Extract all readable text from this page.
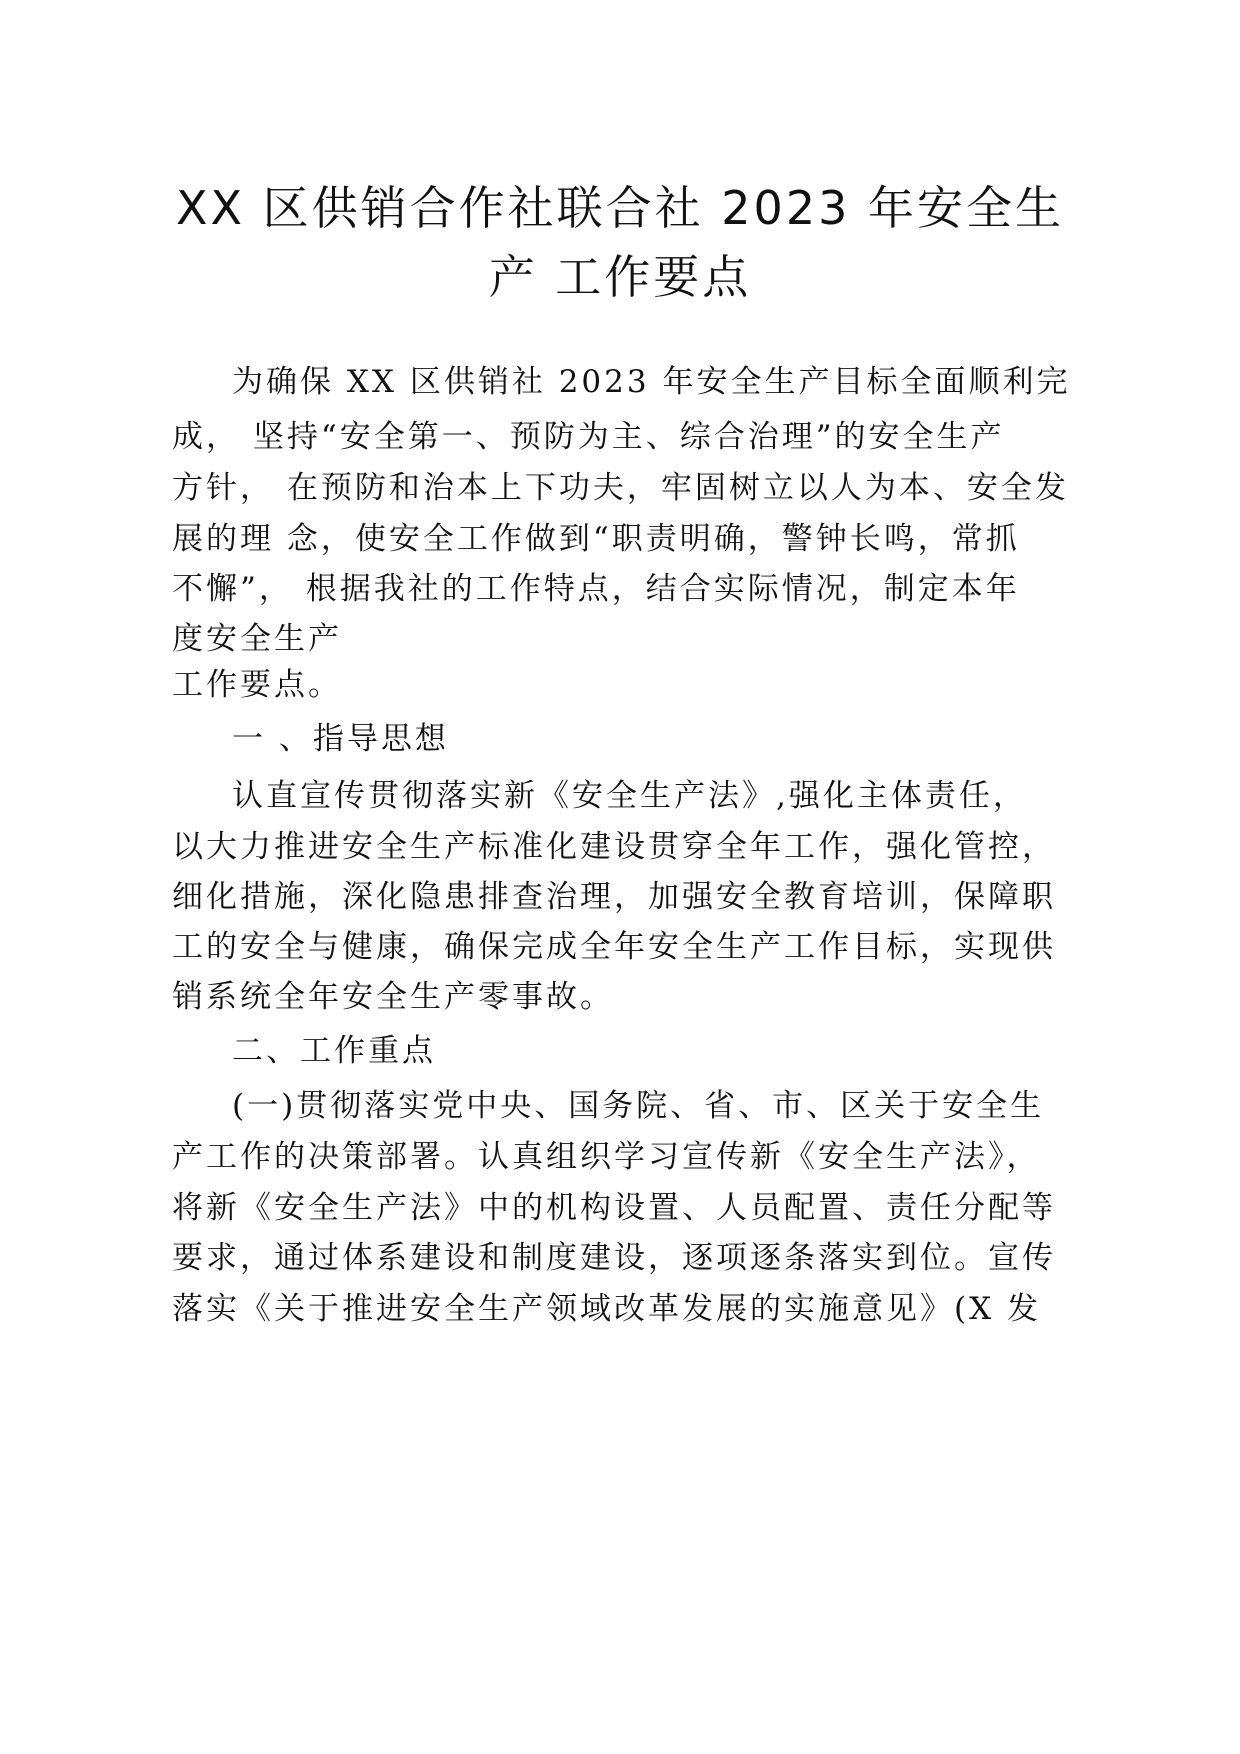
XX 区供销合作社联合社 2023 年安全生
产 工作要点
为确保 XX 区供销社 2023 年安全生产目标全面顺利完
成， 坚持“安全第一、预防为主、综合治理”的安全生产
方针， 在预防和治本上下功夫，牢固树立以人为本、安全发
展的理 念，使安全工作做到“职责明确，警钟长鸣，常抓
不懈”， 根据我社的工作特点，结合实际情况，制定本年
度安全生产
工作要点。
一 、指导思想
认直宣传贯彻落实新《安全生产法》,强化主体责任，
以大力推进安全生产标准化建设贯穿全年工作，强化管控，
细化措施，深化隐患排查治理，加强安全教育培训，保障职
工的安全与健康，确保完成全年安全生产工作目标，实现供
销系统全年安全生产零事故。
二、工作重点
(一)贯彻落实党中央、国务院、省、市、区关于安全生
产工作的决策部署。认真组织学习宣传新《安全生产法》，
将新《安全生产法》中的机构设置、人员配置、责任分配等
要求，通过体系建设和制度建设，逐项逐条落实到位。宣传
落实《关于推进安全生产领域改革发展的实施意见》(X 发
